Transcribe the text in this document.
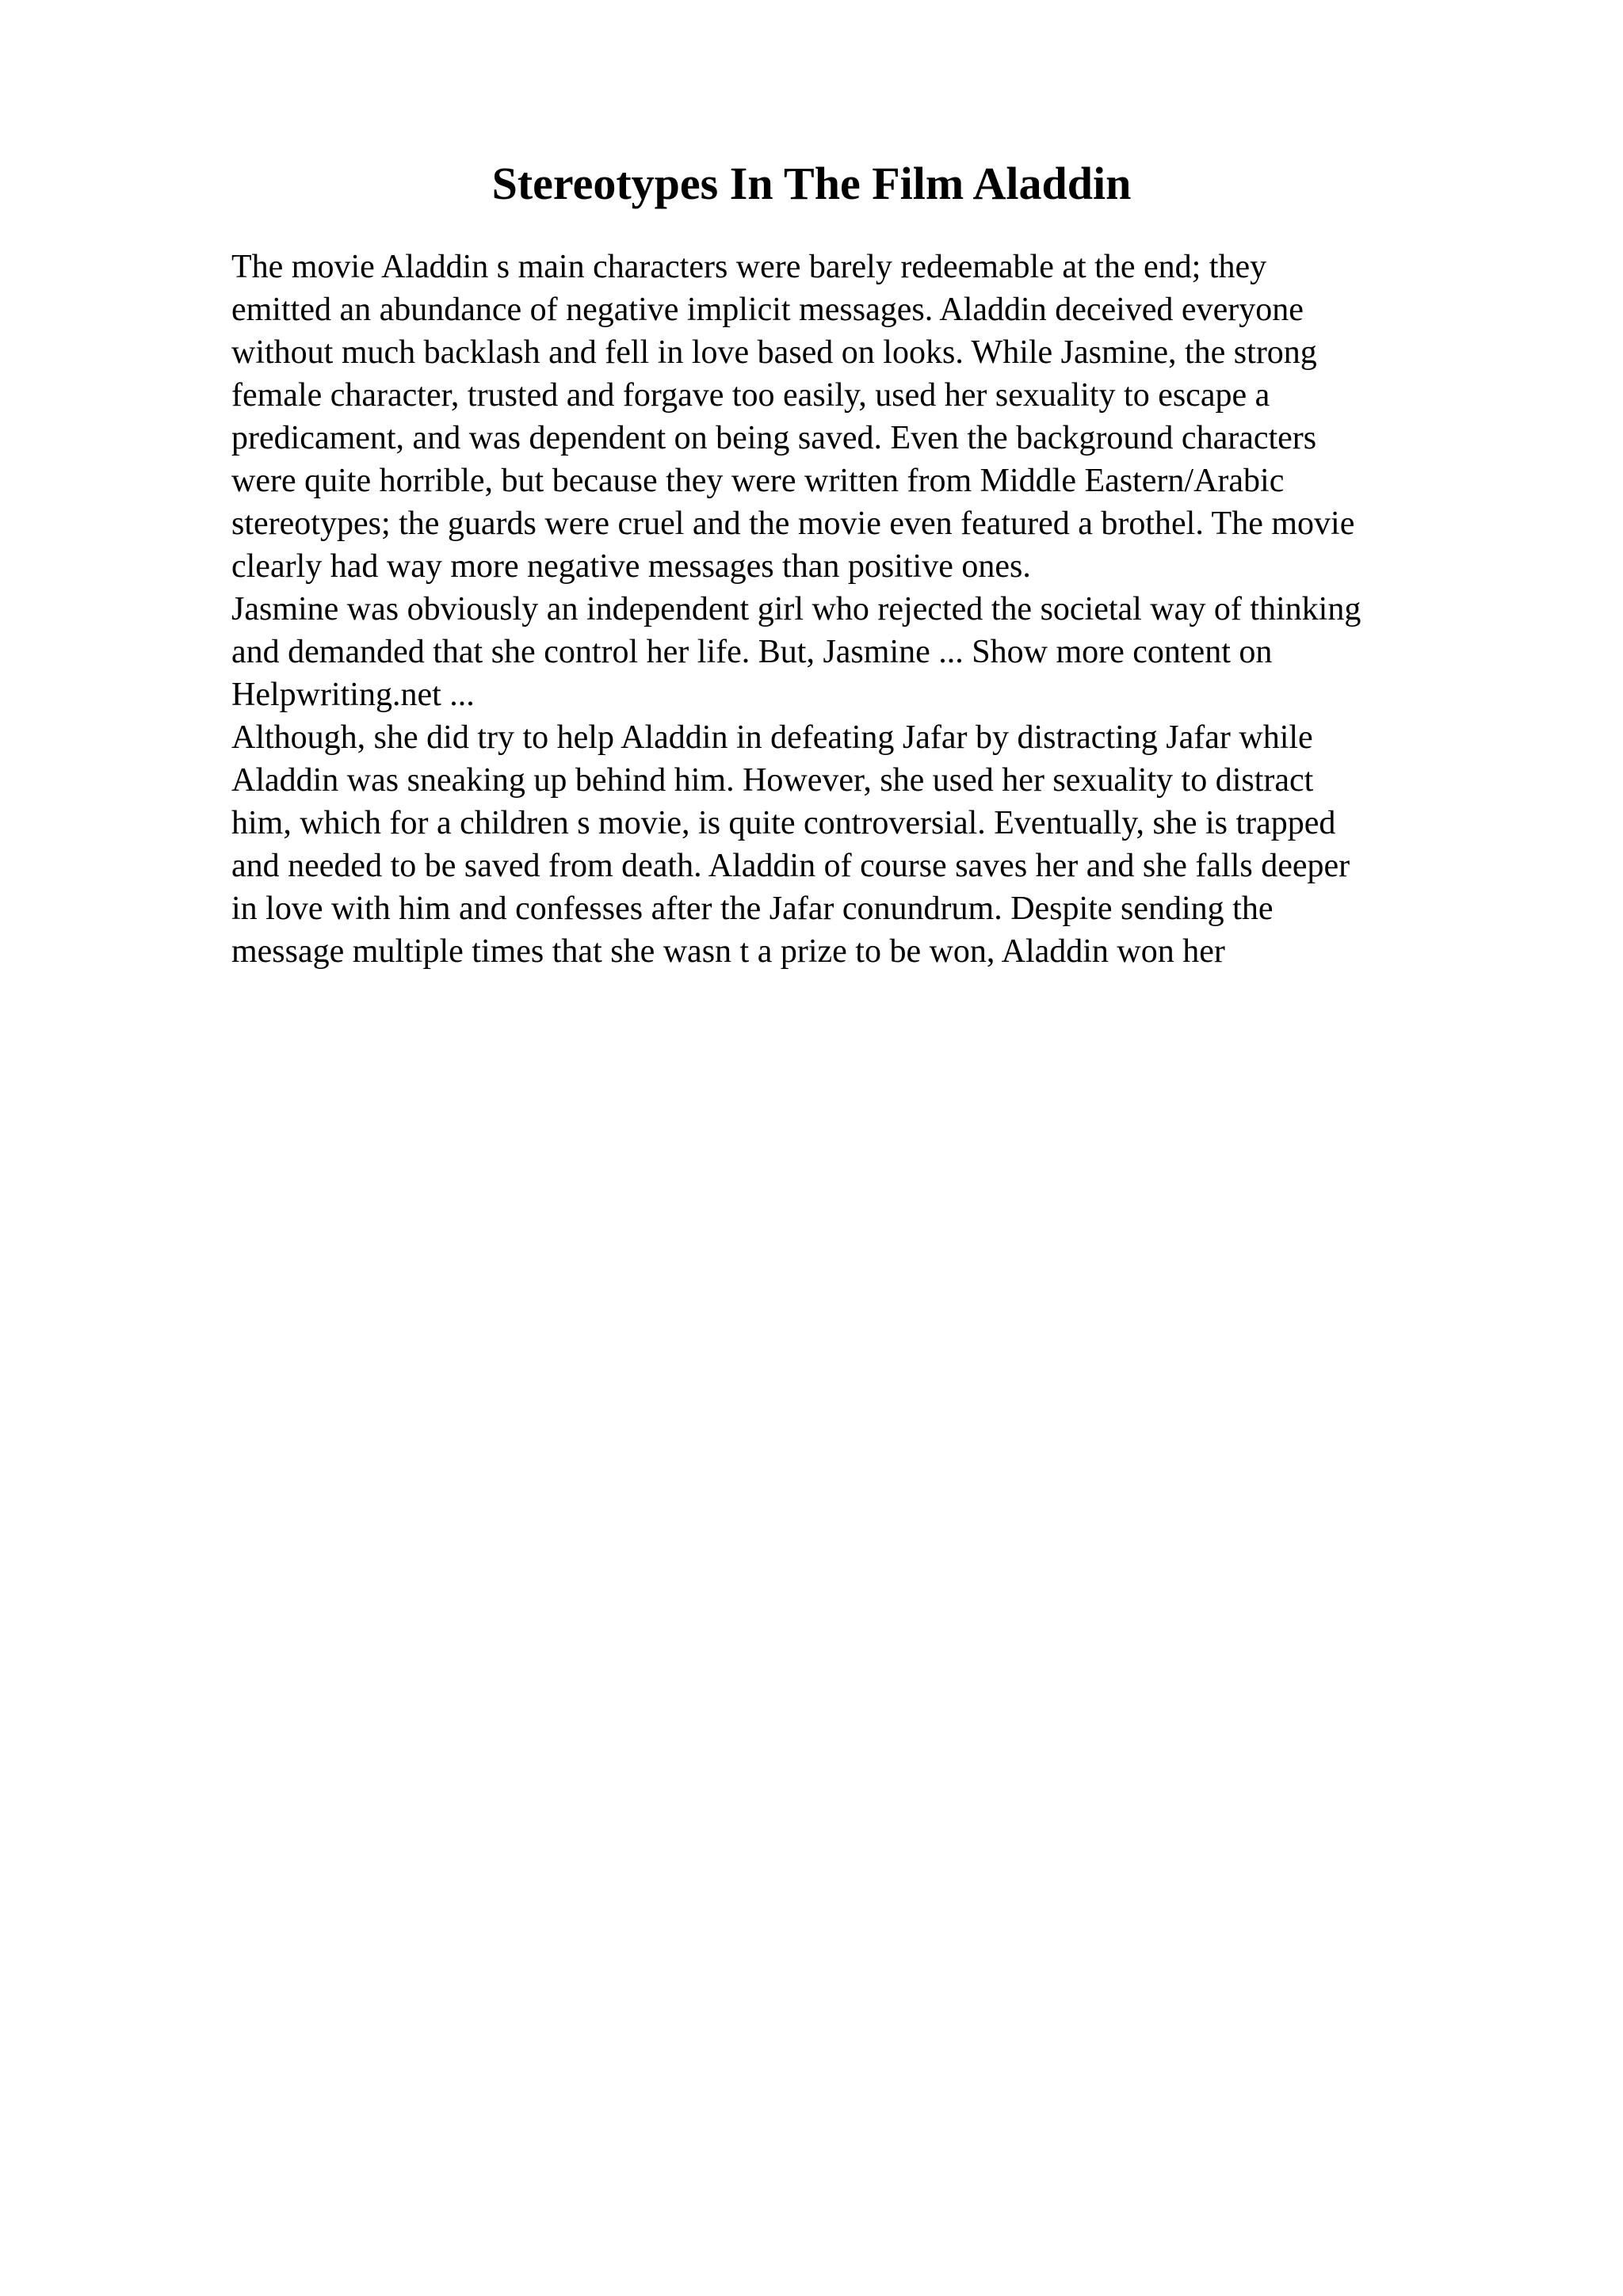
Stereotypes In The Film Aladdin
The movie Aladdin s main characters were barely redeemable at the end; they
emitted an abundance of negative implicit messages. Aladdin deceived everyone
without much backlash and fell in love based on looks. While Jasmine, the strong
female character, trusted and forgave too easily, used her sexuality to escape a
predicament, and was dependent on being saved. Even the background characters
were quite horrible, but because they were written from Middle Eastern/Arabic
stereotypes; the guards were cruel and the movie even featured a brothel. The movie
clearly had way more negative messages than positive ones.
Jasmine was obviously an independent girl who rejected the societal way of thinking
and demanded that she control her life. But, Jasmine ... Show more content on
Helpwriting.net ...
Although, she did try to help Aladdin in defeating Jafar by distracting Jafar while
Aladdin was sneaking up behind him. However, she used her sexuality to distract
him, which for a children s movie, is quite controversial. Eventually, she is trapped
and needed to be saved from death. Aladdin of course saves her and she falls deeper
in love with him and confesses after the Jafar conundrum. Despite sending the
message multiple times that she wasn t a prize to be won, Aladdin won her
